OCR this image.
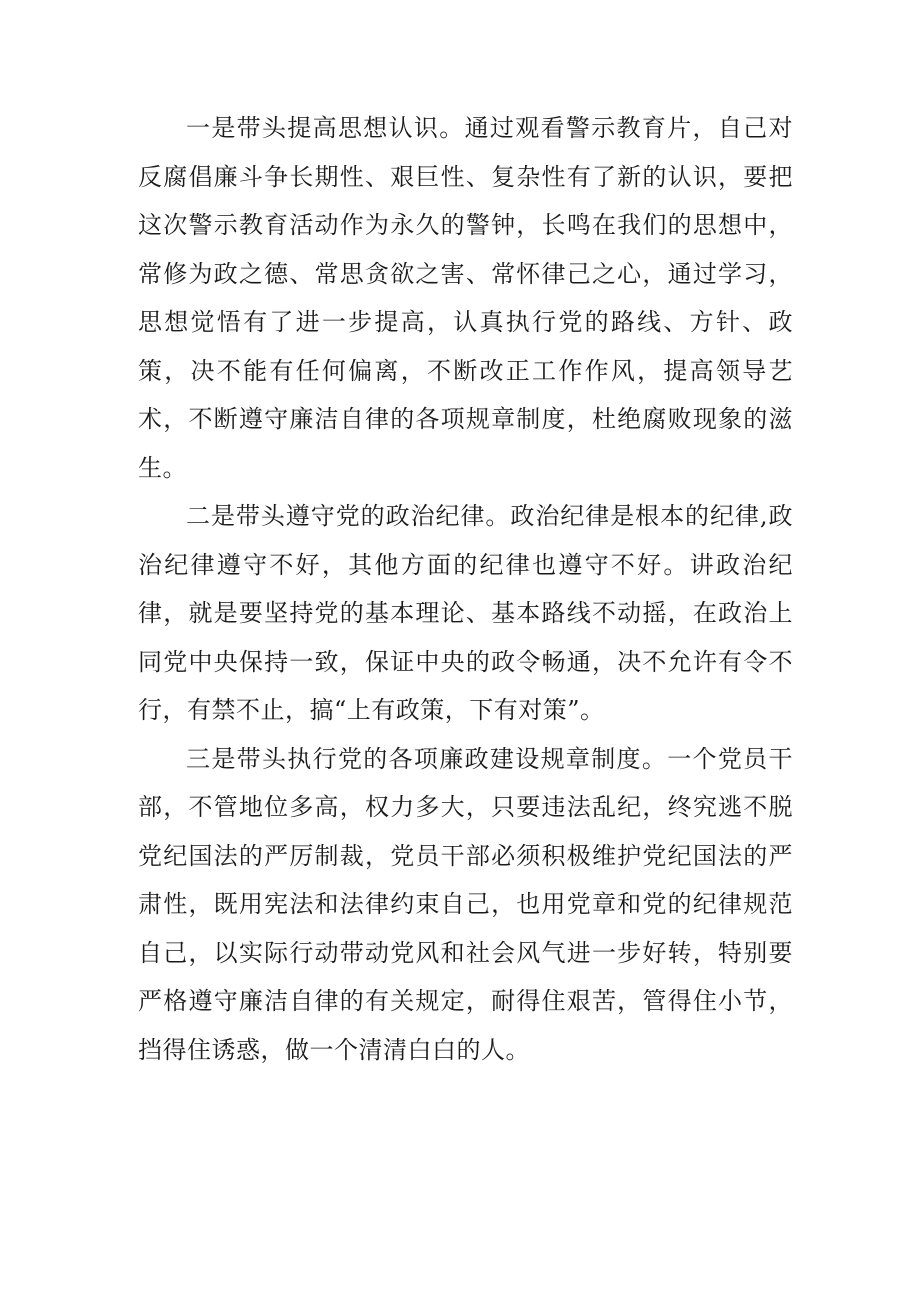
一是带头提高思想认识。通过观看警示教育片，自己对反腐倡廉斗争长期性、艰巨性、复杂性有了新的认识，要把这次警示教育活动作为永久的警钟，长鸣在我们的思想中，常修为政之德、常思贪欲之害、常怀律己之心，通过学习，思想觉悟有了进一步提高，认真执行党的路线、方针、政策，决不能有任何偏离，不断改正工作作风，提高领导艺术，不断遵守廉洁自律的各项规章制度，杜绝腐败现象的滋生。

二是带头遵守党的政治纪律。政治纪律是根本的纪律,政治纪律遵守不好，其他方面的纪律也遵守不好。讲政治纪律，就是要坚持党的基本理论、基本路线不动摇，在政治上同党中央保持一致，保证中央的政令畅通，决不允许有令不行，有禁不止，搞“上有政策，下有对策”。

三是带头执行党的各项廉政建设规章制度。一个党员干部，不管地位多高，权力多大，只要违法乱纪，终究逃不脱党纪国法的严厉制裁，党员干部必须积极维护党纪国法的严肃性，既用宪法和法律约束自己，也用党章和党的纪律规范自己，以实际行动带动党风和社会风气进一步好转，特别要严格遵守廉洁自律的有关规定，耐得住艰苦，管得住小节，挡得住诱惑，做一个清清白白的人。
